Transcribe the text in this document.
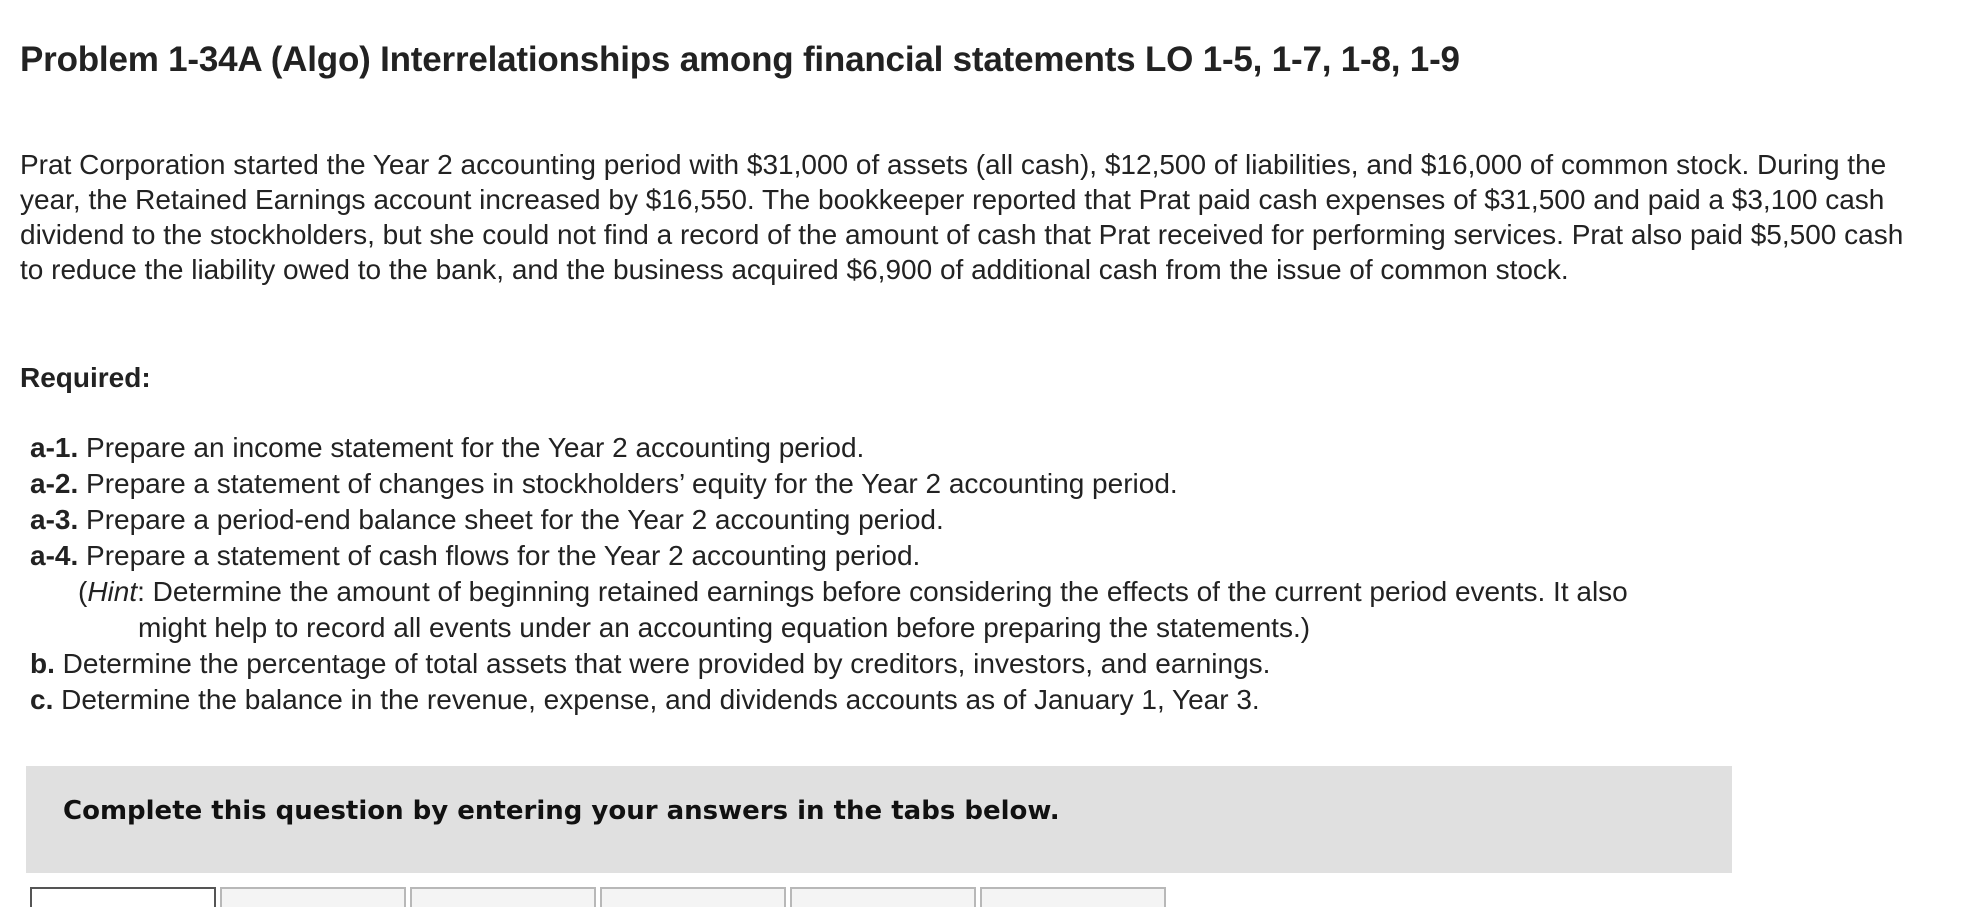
Problem 1-34A (Algo) Interrelationships among financial statements LO 1-5, 1-7, 1-8, 1-9

Prat Corporation started the Year 2 accounting period with $31,000 of assets (all cash), $12,500 of liabilities, and $16,000 of common stock. During the year, the Retained Earnings account increased by $16,550. The bookkeeper reported that Prat paid cash expenses of $31,500 and paid a $3,100 cash dividend to the stockholders, but she could not find a record of the amount of cash that Prat received for performing services. Prat also paid $5,500 cash to reduce the liability owed to the bank, and the business acquired $6,900 of additional cash from the issue of common stock.

Required:
a-1. Prepare an income statement for the Year 2 accounting period.
a-2. Prepare a statement of changes in stockholders’ equity for the Year 2 accounting period.
a-3. Prepare a period-end balance sheet for the Year 2 accounting period.
a-4. Prepare a statement of cash flows for the Year 2 accounting period.
(Hint: Determine the amount of beginning retained earnings before considering the effects of the current period events. It also
might help to record all events under an accounting equation before preparing the statements.)
b. Determine the percentage of total assets that were provided by creditors, investors, and earnings.
c. Determine the balance in the revenue, expense, and dividends accounts as of January 1, Year 3.

Complete this question by entering your answers in the tabs below.
